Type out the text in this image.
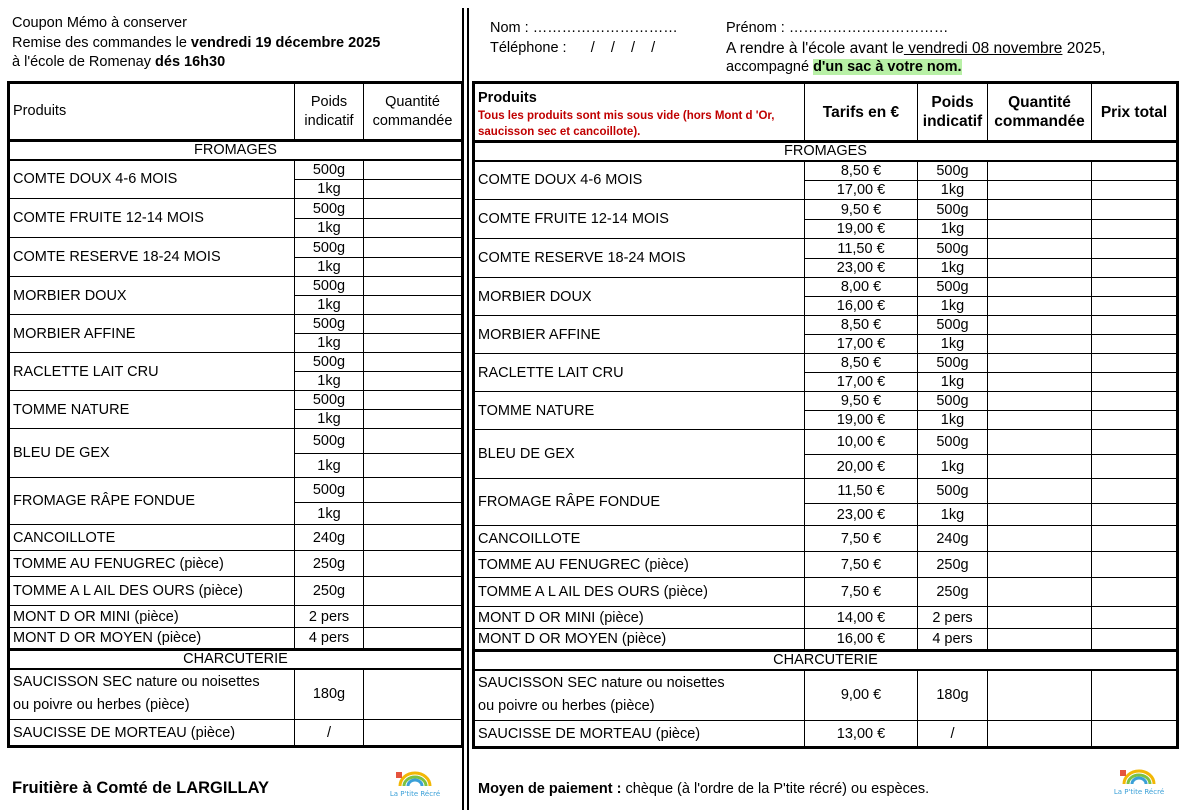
Coupon Mémo à conserver
Remise des commandes le vendredi 19 décembre 2025
à l'école de Romenay dés 16h30
Nom : …………………………
Téléphone :      /    /    /    /
Prénom : ……………………………
A rendre à l'école avant le vendredi 08 novembre 2025,
accompagné d'un sac à votre nom.
Produits	Poids indicatif	Quantité commandée
FROMAGES		
COMTE DOUX 4-6 MOIS	500g	
	1kg	
COMTE FRUITE 12-14 MOIS	500g	
	1kg	
COMTE RESERVE 18-24 MOIS	500g	
	1kg	
MORBIER DOUX	500g	
	1kg	
MORBIER AFFINE	500g	
	1kg	
RACLETTE LAIT CRU	500g	
	1kg	
TOMME NATURE	500g	
	1kg	
BLEU DE GEX	500g	
	1kg	
FROMAGE RÂPE FONDUE	500g	
	1kg	
CANCOILLOTE	240g	
TOMME AU FENUGREC (pièce)	250g	
TOMME A L AIL DES OURS (pièce)	250g	
MONT D OR MINI (pièce)	2 pers	
MONT D OR MOYEN (pièce)	4 pers	
CHARCUTERIE		
SAUCISSON SEC nature ou noisettes
ou poivre ou herbes (pièce)	180g	
SAUCISSE DE MORTEAU (pièce)	/	
Produits
Tous les produits sont mis sous vide (hors Mont d 'Or, saucisson sec et cancoillote).	Tarifs en €	Poids indicatif	Quantité commandée	Prix total
FROMAGES				
COMTE DOUX 4-6 MOIS	8,50 €	500g		
	17,00 €	1kg		
COMTE FRUITE 12-14 MOIS	9,50 €	500g		
	19,00 €	1kg		
COMTE RESERVE 18-24 MOIS	11,50 €	500g		
	23,00 €	1kg		
MORBIER DOUX	8,00 €	500g		
	16,00 €	1kg		
MORBIER AFFINE	8,50 €	500g		
	17,00 €	1kg		
RACLETTE LAIT CRU	8,50 €	500g		
	17,00 €	1kg		
TOMME NATURE	9,50 €	500g		
	19,00 €	1kg		
BLEU DE GEX	10,00 €	500g		
	20,00 €	1kg		
FROMAGE RÂPE FONDUE	11,50 €	500g		
	23,00 €	1kg		
CANCOILLOTE	7,50 €	240g		
TOMME AU FENUGREC (pièce)	7,50 €	250g		
TOMME A L AIL DES OURS (pièce)	7,50 €	250g		
MONT D OR MINI (pièce)	14,00 €	2 pers		
MONT D OR MOYEN (pièce)	16,00 €	4 pers		
CHARCUTERIE				
SAUCISSON SEC nature ou noisettes
ou poivre ou herbes (pièce)	9,00 €	180g		
SAUCISSE DE MORTEAU (pièce)	13,00 €	/		
Fruitière à Comté de LARGILLAY	Moyen de paiement : chèque (à l'ordre de la P'tite récré) ou espèces.
La P'tite Récré	La P'tite Récré
